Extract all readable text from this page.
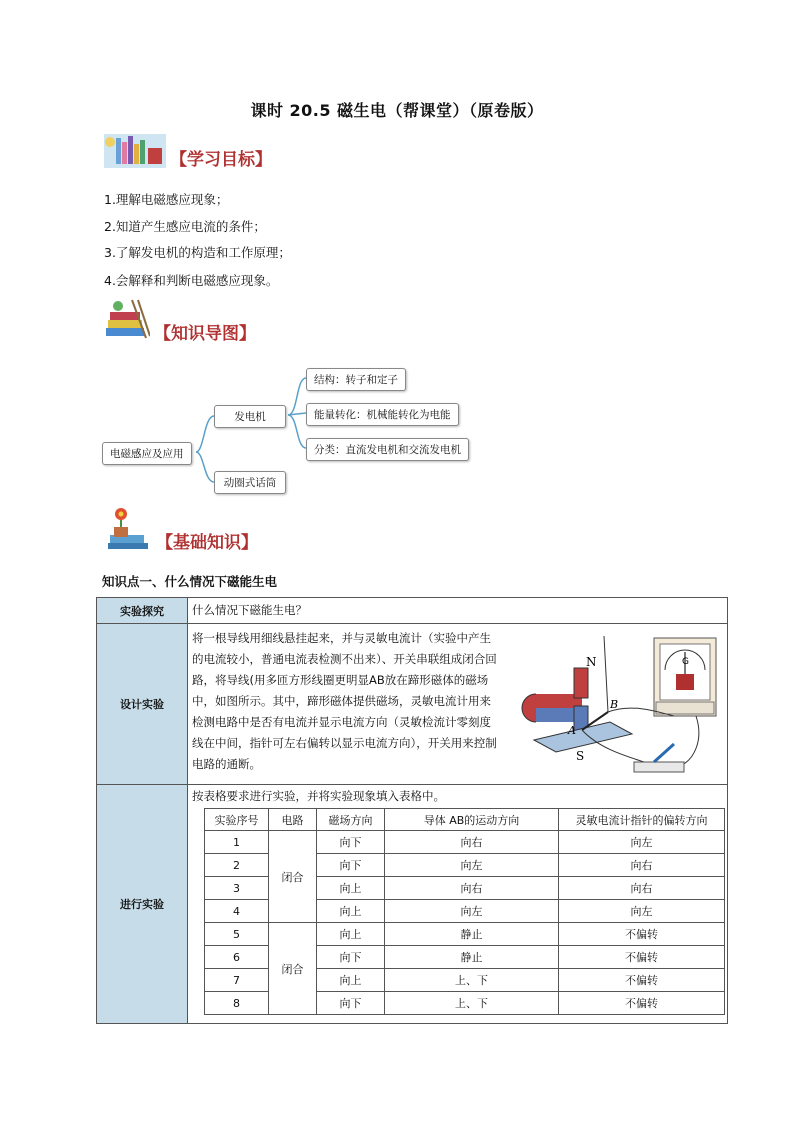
课时 20.5 磁生电（帮课堂）（原卷版）
【学习目标】
1.理解电磁感应现象；
2.知道产生感应电流的条件；
3.了解发电机的构造和工作原理；
4.会解释和判断电磁感应现象。
【知识导图】
电磁感应及应用
发电机
动圈式话筒
结构：转子和定子
能量转化：机械能转化为电能
分类：直流发电机和交流发电机
【基础知识】
知识点一、什么情况下磁能生电
实验探究	什么情况下磁能生电？
设计实验	
将一根导线用细线悬挂起来，并与灵敏电流计（实验中产生的电流较小，普通电流表检测不出来）、开关串联组成闭合回路，将导线(用多匝方形线圈更明显AB放在蹄形磁体的磁场中，如图所示。其中，蹄形磁体提供磁场，灵敏电流计用来检测电路中是否有电流并显示电流方向（灵敏检流计零刻度线在中间，指针可左右偏转以显示电流方向），开关用来控制电路的通断。
G
N
S
A
B

进行实验	
按表格要求进行实验，并将实验现象填入表格中。
实验序号	电路	磁场方向	导体 AB的运动方向	灵敏电流计指针的偏转方向
1	闭合	向下	向右	向左
2	向下	向左	向右
3	向上	向右	向右
4	向上	向左	向左
5	闭合	向上	静止	不偏转
6	向下	静止	不偏转
7	向上	上、下	不偏转
8	向下	上、下	不偏转
